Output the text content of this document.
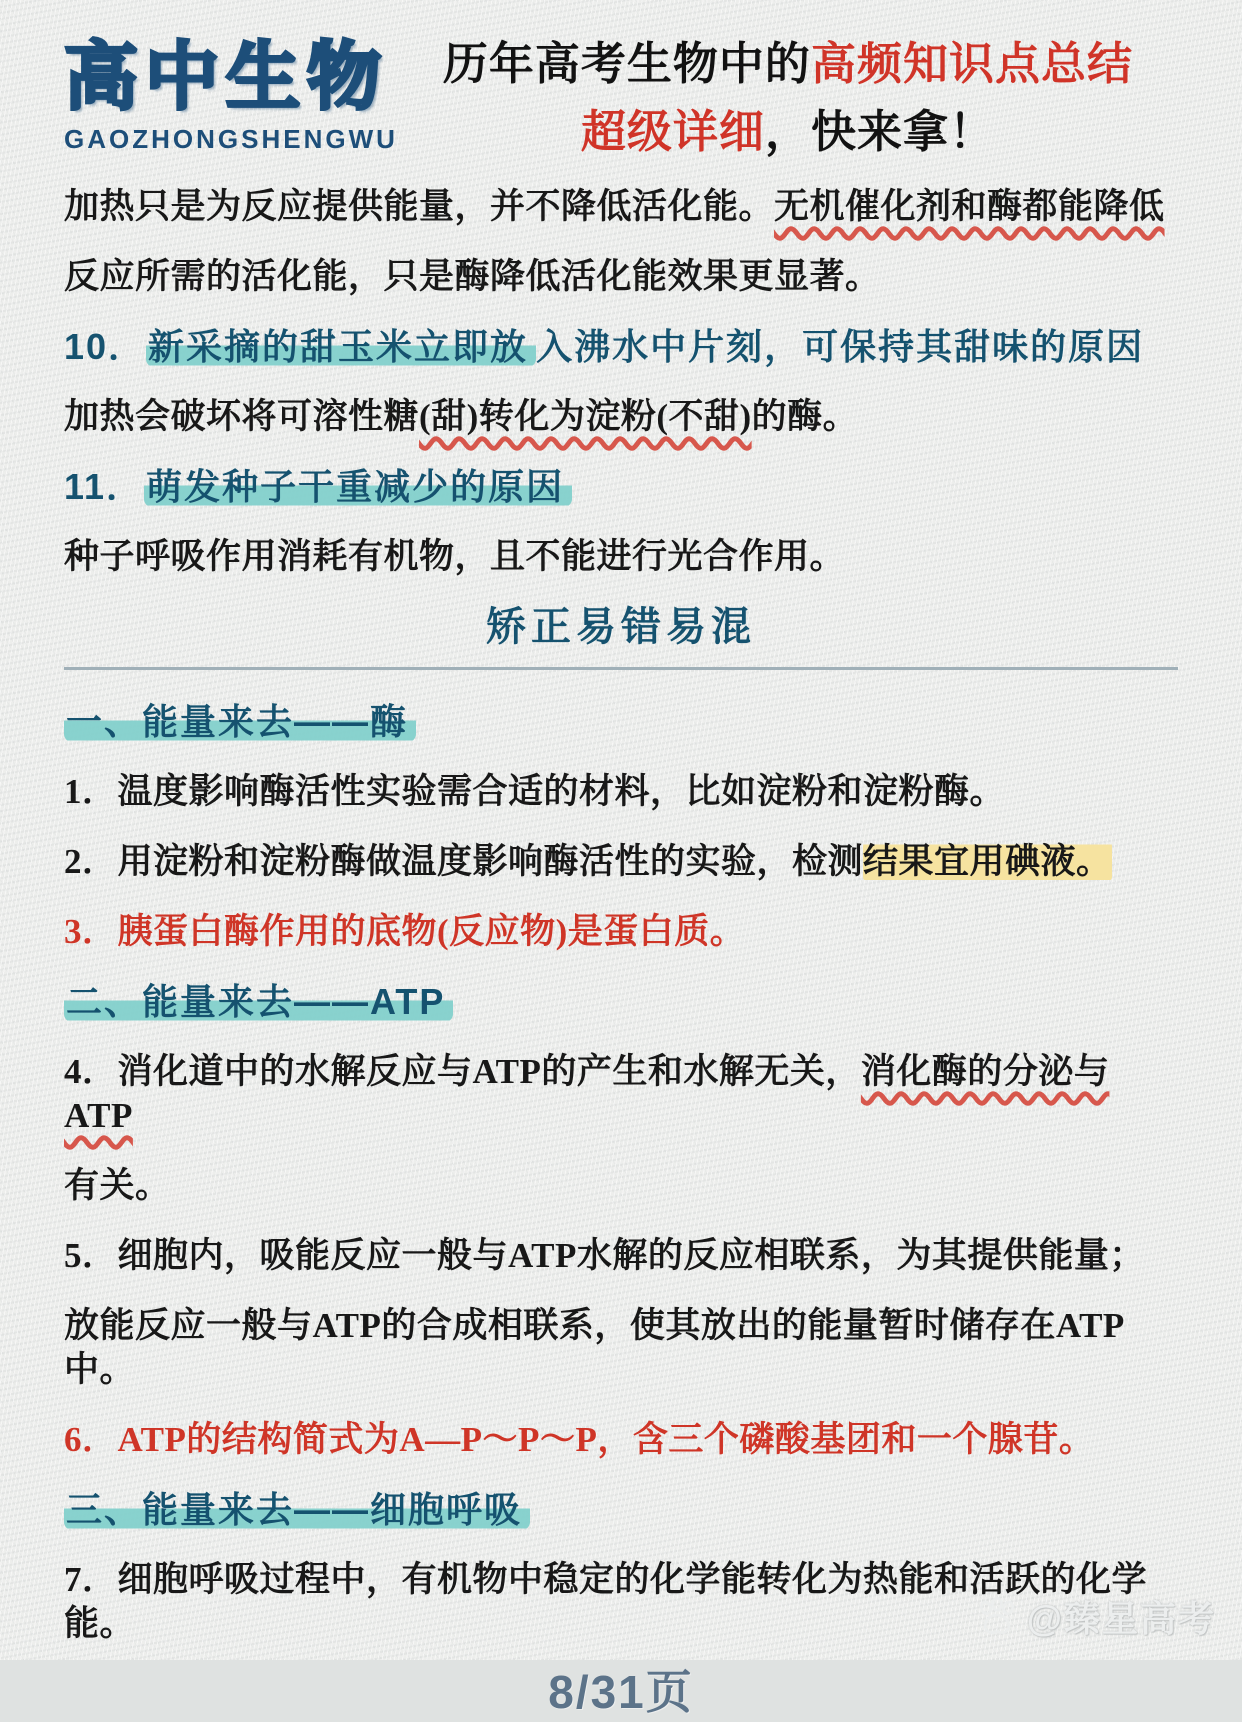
高中生物
GAOZHONGSHENGWU
历年高考生物中的高频知识点总结
超级详细，快来拿！

加热只是为反应提供能量，并不降低活化能。无机催化剂和酶都能降低

反应所需的活化能，只是酶降低活化能效果更显著。

10．新采摘的甜玉米立即放 入沸水中片刻，可保持其甜味的原因

加热会破坏将可溶性糖(甜)转化为淀粉(不甜)的酶。

11．萌发种子干重减少的原因

种子呼吸作用消耗有机物，且不能进行光合作用。

矫正易错易混

一、能量来去——酶

1．温度影响酶活性实验需合适的材料，比如淀粉和淀粉酶。

2．用淀粉和淀粉酶做温度影响酶活性的实验，检测结果宜用碘液。

3．胰蛋白酶作用的底物(反应物)是蛋白质。

二、能量来去——ATP

4．消化道中的水解反应与ATP的产生和水解无关，消化酶的分泌与ATP

有关。

5．细胞内，吸能反应一般与ATP水解的反应相联系，为其提供能量；

放能反应一般与ATP的合成相联系，使其放出的能量暂时储存在ATP中。

6．ATP的结构简式为A—P～P～P，含三个磷酸基团和一个腺苷。

三、能量来去——细胞呼吸

7．细胞呼吸过程中，有机物中稳定的化学能转化为热能和活跃的化学能。

8/31页
@臻星高考
